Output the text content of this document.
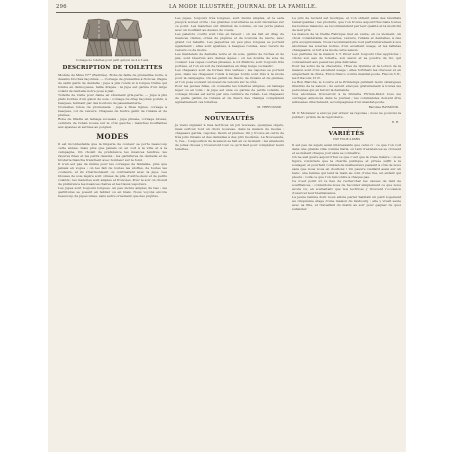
296	LA MODE ILLUSTRÉE, JOURNAL DE LA FAMILLE.
Corsage de toilettes pour petit garçon de 4 à 5 ans.
DESCRIPTION DE TOILETTES

Modèle de Mme N** (Rentrée). Robe de faille de grenadine noire, à dessins brochés façonnés. — Corsage de grenadine à fronces. Pagne de satin garni de dentelle ; jupe à plis ronds et à longue traîne qui tombe en demi-queue, taille drapée ; la jupe est garnie d’un large volant de dentelle noire posé à plat.

Toilette de visite pour dame en vêtement gris-perle. — Jupe à plis plats bordée d’un galon de soie ; corsage de drap façonné pointu, à basques, fermant par des boutons de passementerie.

Nouvelles robes de promenade : jupe à fines lignes, corsage à basques, col de velours. Chapeau de feutre garni de rubans et de plumes.

Robe de fillette en lainage écossais ; jupe plissée, corsage blousé, ceinture de ruban nouée sur le côté gauche ; manches bouffantes aux épaules et serrées au poignet.

MODES

Il est incontestable que la lingerie de couleur se porte beaucoup cette année, mais plus que jamais on en voit à la ville et à la campagne. On choisit de préférence les nuances tendres, les rayures fines et les petits dessins ; les garnitures de dentelle et de broderie blanche tranchent avec bonheur sur le fond.

Il n’en est pas de même pour les corsages de fantaisie, plus que jamais en vogue ; on les fait de toutes les étoffes, de toutes les couleurs, et ils s’harmonisent ou contrastent avec la jupe. Les blouses de soie légère sont ornées de plis, d’entre-deux et de petits volants ; les manches sont amples et froncées. Pour le soir on choisit de préférence les nuances claires et les tissus vaporeux.

Les jupes sont toujours longues, un peu moins amples du bas ; les garnitures se posent en tablier ou en biais. Nous voyons encore beaucoup de jupes unies, sans autre ornement que des piqûres.

Les jupes, toujours très longues, sont moins amples, et le sera jusqu’à nouvel ordre ; les grandes couturières se sont déclarées sur ce point. Les manches ont diminué de volume, on les porte plates avec un bouffant au-dessus du coude.

Les paletots courts sont très en faveur ; on les fait en drap de nuances claires, ornés de piqûres et de boutons de nacre, avec grand col rabattu. Les jaquettes un peu plus longues se portent également ; elles sont ajustées, à basques rondes, avec revers de velours ou de moire.

Les mantelets de dentelle noire et de soie, garnis de ruches et de jais, sont réservés aux dames âgées ; on les double de soie de couleur. Les capes courtes plissées, à col Médicis, sont toujours très portées, et l’on en voit de ravissantes en drap beige ou mastic.

Les chapeaux sont de formes très variées ; les capotes se portent peu, mais les chapeaux ronds à larges bords sont très à la mode pour la campagne. On les garnit de fleurs, de rubans et de plumes, et l’on pose souvent un nœud de velours sur le côté.

Pour les jeunes filles, on conseille les toilettes simples, en lainage léger ou en toile ; la jupe est unie ou garnie de petits volants, le corsage blousé est serré par une ceinture de ruban. Les chapeaux de paille garnis de rubans et de fleurs des champs complètent agréablement ces toilettes.

M. TRÉFOUSSE.
NOUVEAUTÉS

Je viens signaler à mes lectrices un joli nouveau, quelques objets, mais surtout tout un choix nouveau, dans la maison de modes : chapeaux garnis, capotes, fleurs et plumes. On y trouve en outre de très jolis rubans et des dentelles à des prix modérés. La Nouveauté, 5, rue... L’exposition de la saison se fait en ce moment ; les amateurs de jolies choses y trouveront tout ce qu’il faut pour compléter leurs toilettes.

Le prix de revient est modique, et l’on obtient ainsi des résultats remarquables ; les produits, que l’on trouve aujourd’hui dans toutes les bonnes maisons, se recommandent par leur qualité et la modicité de leur prix.

La maison de la Vieille Fabrique met en vente, en ce moment, un choix considérable de soieries, velours, rubans et dentelles, à des prix exceptionnels. Nous recommandons tout particulièrement à nos abonnées les soieries noires, d’un excellent usage, et les taffetas changeants, si fort à la mode cette saison.

Les parfums de la maison L.T. Piver sont toujours très appréciés ; citons son eau de toilette, son savon et sa poudre de riz, qui conviennent aux peaux les plus délicates.

Pour les soins de la chevelure, l’Eau de Quinine et la Lotion de la maison sont d’un excellent usage ; elles fortifient les cheveux et en empêchent la chute. Envoi franco contre mandat-poste. Flacon 3 fr., les 6 flacons 15 fr.

Le Bon Marché, le Louvre et le Printemps publient leurs catalogues illustrés de la saison ; ils seront envoyés gratuitement à toutes les personnes qui en feront la demande.

Nos abonnées trouveront à la librairie Firmin-Didot tous les ouvrages annoncés dans le journal ; les commandes doivent être adressées directement, accompagnées d’un mandat-poste.

Baronne RAYMOND.

M. P. Monsieur a envoyé par erreur sa réponse ; nous ne pouvons la publier ; prière de la reproduire.

E. R.
VARIÉTÉS
UNE FOLIE À PARIS

Il est peu de sujets aussi intéressants que celui-ci : ce que l’on voit dans une grande ville comme Paris, où tant d’existences se croisent et se mêlent chaque jour sans se connaître.

On ne sait guère aujourd’hui ce que c’est que la vraie misère ; on se figure volontiers que la charité publique et privée suffit à la soulager, et pourtant combien de malheureux passent à côté de nous sans que nous nous en doutions ! Un pauvre vieillard assis sur un banc, une femme qui tend la main au coin d’une rue, un enfant qui pleure : voilà ce que l’on rencontre à chaque pas.

Ce n’est point ici le lieu de rechercher les causes de tant de souffrances ; contentons-nous de raconter simplement ce que nous avons vu, en souhaitant que nos lectrices y trouvent l’occasion d’exercer leur bienfaisance.

La jeune femme dont nous allons parler habitait un petit logement au cinquième étage d’une maison du faubourg ; elle y vivait seule avec sa fille, et travaillait du matin au soir pour gagner de quoi subsister.
